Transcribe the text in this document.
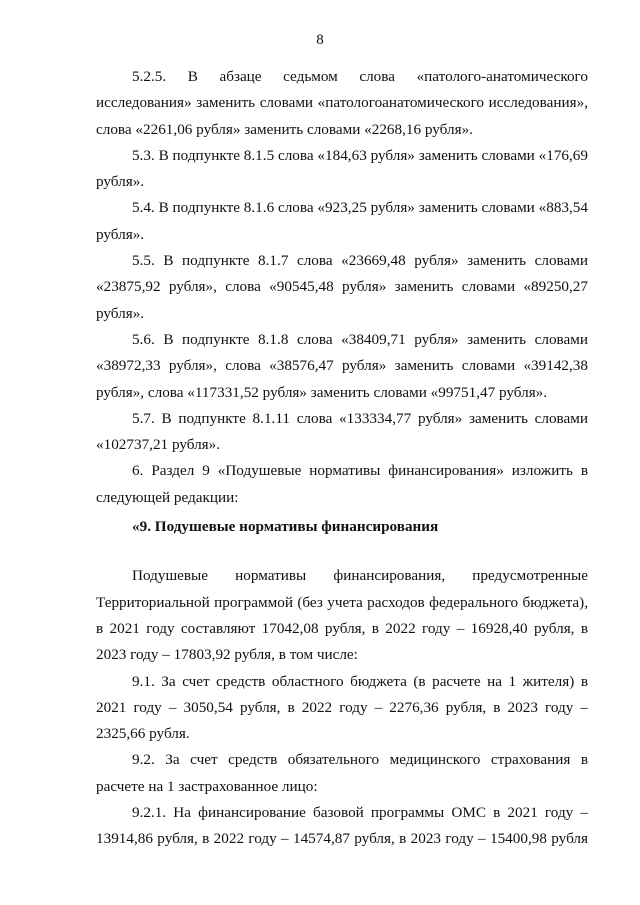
8

5.2.5. В абзаце седьмом слова «патолого-анатомического исследования» заменить словами «патологоанатомического исследования», слова «2261,06 рубля» заменить словами «2268,16 рубля».

5.3. В подпункте 8.1.5 слова «184,63 рубля» заменить словами «176,69 рубля».

5.4. В подпункте 8.1.6 слова «923,25 рубля» заменить словами «883,54 рубля».

5.5. В подпункте 8.1.7 слова «23669,48 рубля» заменить словами «23875,92 рубля», слова «90545,48 рубля» заменить словами «89250,27 рубля».

5.6. В подпункте 8.1.8 слова «38409,71 рубля» заменить словами «38972,33 рубля», слова «38576,47 рубля» заменить словами «39142,38 рубля», слова «117331,52 рубля» заменить словами «99751,47 рубля».

5.7. В подпункте 8.1.11 слова «133334,77 рубля» заменить словами «102737,21 рубля».

6. Раздел 9 «Подушевые нормативы финансирования» изложить в следующей редакции:

«9. Подушевые нормативы финансирования

Подушевые нормативы финансирования, предусмотренные Территориальной программой (без учета расходов федерального бюджета), в 2021 году составляют 17042,08 рубля, в 2022 году – 16928,40 рубля, в 2023 году – 17803,92 рубля, в том числе:

9.1. За счет средств областного бюджета (в расчете на 1 жителя) в 2021 году – 3050,54 рубля, в 2022 году – 2276,36 рубля, в 2023 году – 2325,66 рубля.

9.2. За счет средств обязательного медицинского страхования в расчете на 1 застрахованное лицо:

9.2.1. На финансирование базовой программы ОМС в 2021 году – 13914,86 рубля, в 2022 году – 14574,87 рубля, в 2023 году – 15400,98 рубля
